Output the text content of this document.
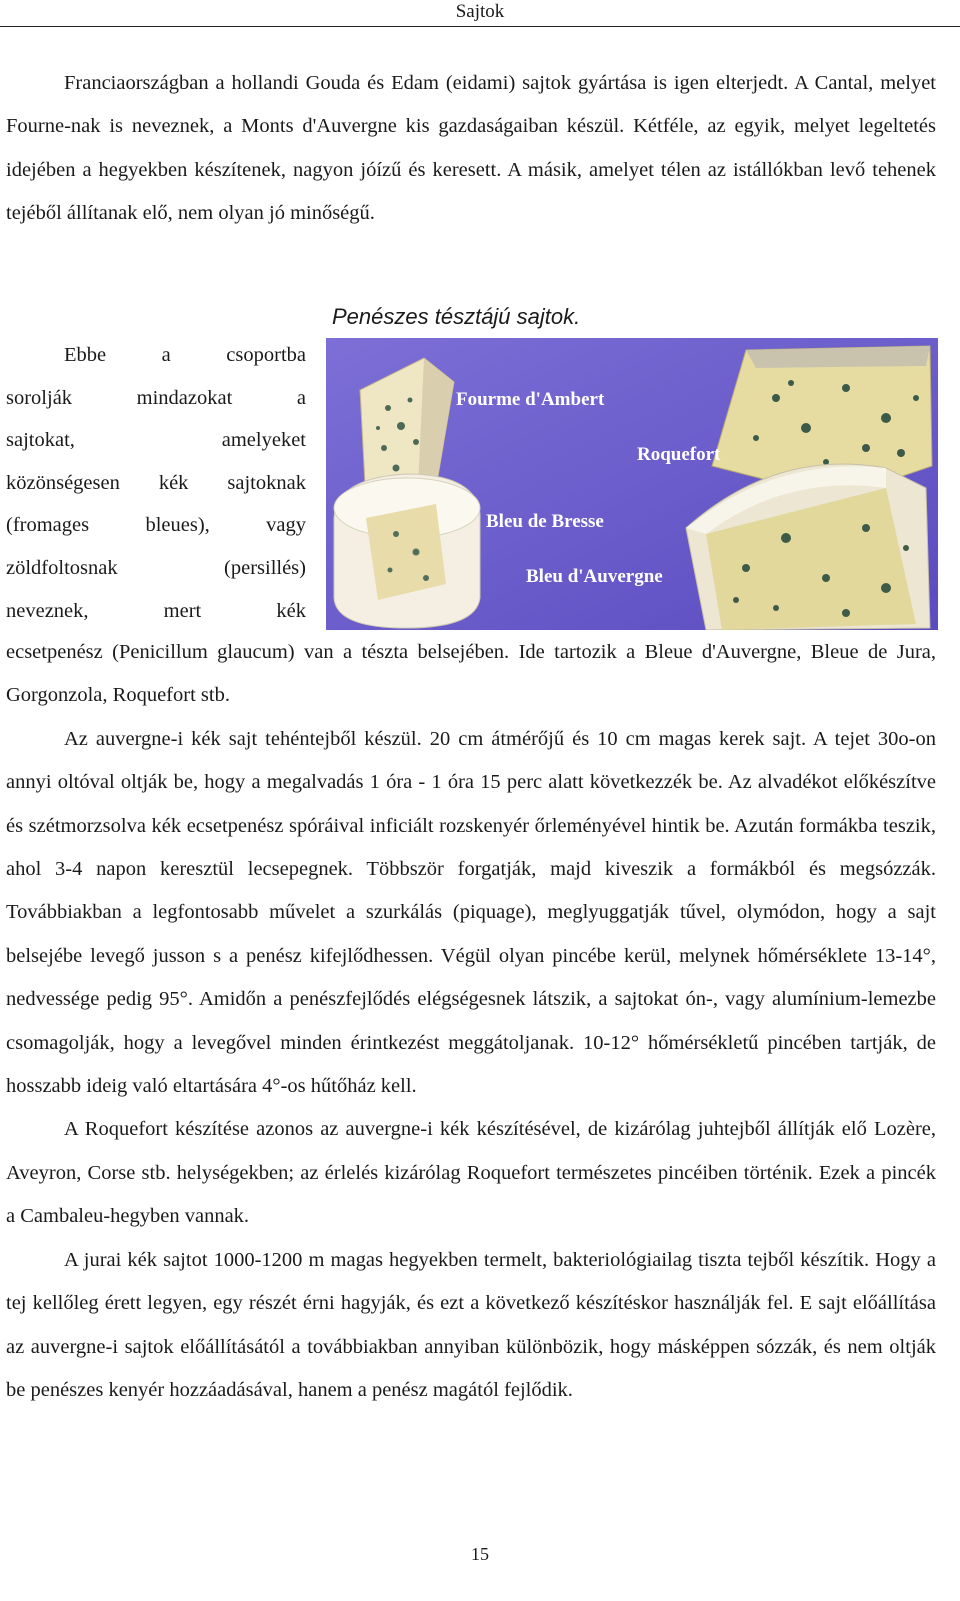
Sajtok

Franciaországban a hollandi Gouda és Edam (eidami) sajtok gyártása is igen elterjedt. A Cantal, melyet Fourne-nak is neveznek, a Monts d'Auvergne kis gazdaságaiban készül. Kétféle, az egyik, melyet legeltetés idejében a hegyekben készítenek, nagyon jóízű és keresett. A másik, amelyet télen az istállókban levő tehenek tejéből állítanak elő, nem olyan jó minőségű.

Penészes tésztájú sajtok.
Ebbe	a	csoportba
sorolják	mindazokat	a
sajtokat,	amelyeket
közönségesen kék sajtoknak
(fromages	bleues),	vagy
zöldfoltosnak	(persillés)
neveznek,	mert	kék
Fourme d'Ambert
Roquefort
Bleu de Bresse
Bleu d'Auvergne

ecsetpenész (Penicillum glaucum) van a tészta belsejében. Ide tartozik a Bleue d'Auvergne, Bleue de Jura, Gorgonzola, Roquefort stb.

Az auvergne-i kék sajt tehéntejből készül. 20 cm átmérőjű és 10 cm magas kerek sajt. A tejet 30o-on annyi oltóval oltják be, hogy a megalvadás 1 óra - 1 óra 15 perc alatt következzék be. Az alvadékot előkészítve és szétmorzsolva kék ecsetpenész spóráival inficiált rozskenyér őrleményével hintik be. Azután formákba teszik, ahol 3-4 napon keresztül lecsepegnek. Többször forgatják, majd kiveszik a formákból és megsózzák. Továbbiakban a legfontosabb művelet a szurkálás (piquage), meglyuggatják tűvel, olymódon, hogy a sajt belsejébe levegő jusson s a penész kifejlődhessen. Végül olyan pincébe kerül, melynek hőmérséklete 13-14°, nedvessége pedig 95°. Amidőn a penészfejlődés elégségesnek látszik, a sajtokat ón-, vagy alumínium-lemezbe csomagolják, hogy a levegővel minden érintkezést meggátoljanak. 10-12° hőmérsékletű pincében tartják, de hosszabb ideig való eltartására 4°-os hűtőház kell.

A Roquefort készítése azonos az auvergne-i kék készítésével, de kizárólag juhtejből állítják elő Lozère, Aveyron, Corse stb. helységekben; az érlelés kizárólag Roquefort természetes pincéiben történik. Ezek a pincék a Cambaleu-hegyben vannak.

A jurai kék sajtot 1000-1200 m magas hegyekben termelt, bakteriológiailag tiszta tejből készítik. Hogy a tej kellőleg érett legyen, egy részét érni hagyják, és ezt a következő készítéskor használják fel. E sajt előállítása az auvergne-i sajtok előállításától a továbbiakban annyiban különbözik, hogy másképpen sózzák, és nem oltják be penészes kenyér hozzáadásával, hanem a penész magától fejlődik.

15
